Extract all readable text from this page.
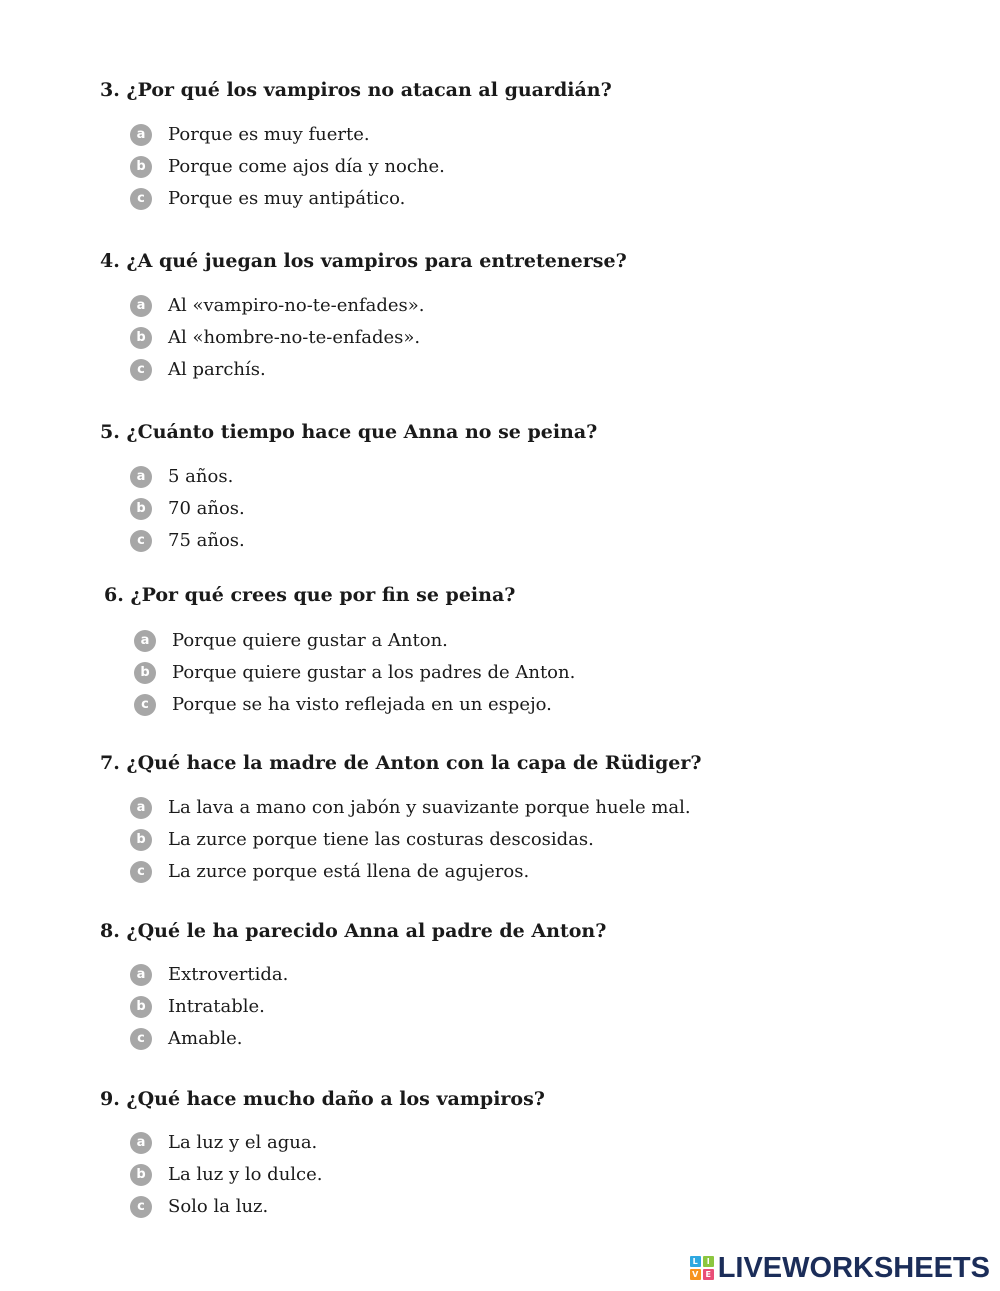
3. ¿Por qué los vampiros no atacan al guardián?

a	Porque es muy fuerte.
b	Porque come ajos día y noche.
c	Porque es muy antipático.

4. ¿A qué juegan los vampiros para entretenerse?

a	Al «vampiro-no-te-enfades».
b	Al «hombre-no-te-enfades».
c	Al parchís.

5. ¿Cuánto tiempo hace que Anna no se peina?

a	5 años.
b	70 años.
c	75 años.

6. ¿Por qué crees que por fin se peina?

a	Porque quiere gustar a Anton.
b	Porque quiere gustar a los padres de Anton.
c	Porque se ha visto reflejada en un espejo.

7. ¿Qué hace la madre de Anton con la capa de Rüdiger?

a	La lava a mano con jabón y suavizante porque huele mal.
b	La zurce porque tiene las costuras descosidas.
c	La zurce porque está llena de agujeros.

8. ¿Qué le ha parecido Anna al padre de Anton?

a	Extrovertida.
b	Intratable.
c	Amable.

9. ¿Qué hace mucho daño a los vampiros?

a	La luz y el agua.
b	La luz y lo dulce.
c	Solo la luz.
L	I
V E LIVEWORKSHEETS
